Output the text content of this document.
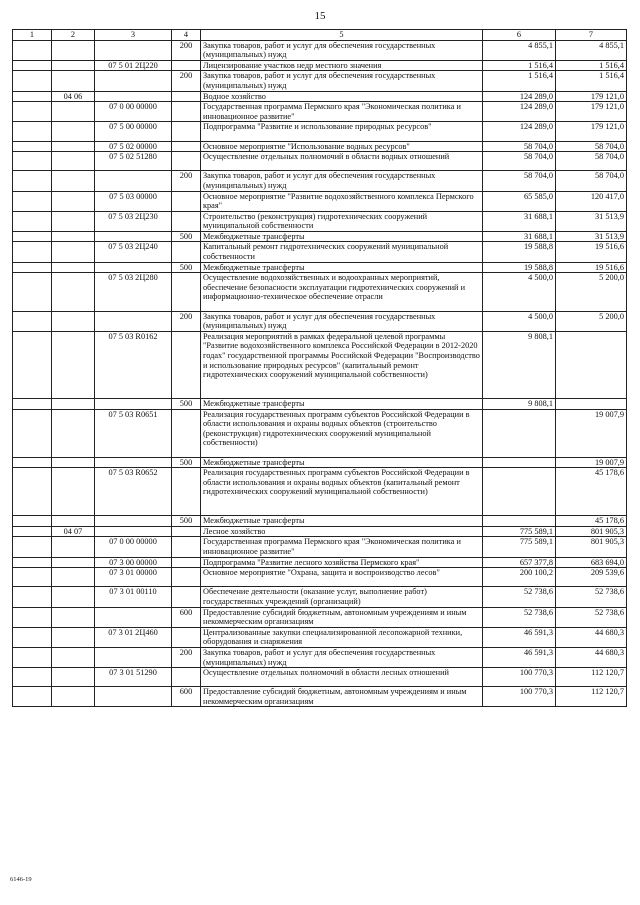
15
1	2	3	4	5	6	7
			200	Закупка товаров, работ и услуг для обеспечения государственных (муниципальных) нужд	4 855,1	4 855,1
		07 5 01 2Ц220		Лицензирование участков недр местного значения	1 516,4	1 516,4
			200	Закупка товаров, работ и услуг для обеспечения государственных (муниципальных) нужд	1 516,4	1 516,4
	04 06			Водное хозяйство	124 289,0	179 121,0
		07 0 00 00000		Государственная программа Пермского края "Экономическая политика и инновационное развитие"	124 289,0	179 121,0
		07 5 00 00000		Подпрограмма "Развитие и использование природных ресурсов"	124 289,0	179 121,0
		07 5 02 00000		Основное мероприятие "Использование водных ресурсов"	58 704,0	58 704,0
		07 5 02 51280		Осуществление отдельных полномочий в области водных отношений	58 704,0	58 704,0
			200	Закупка товаров, работ и услуг для обеспечения государственных (муниципальных) нужд	58 704,0	58 704,0
		07 5 03 00000		Основное мероприятие "Развитие водохозяйственного комплекса Пермского края"	65 585,0	120 417,0
		07 5 03 2Ц230		Строительство (реконструкция) гидротехнических сооружений муниципальной собственности	31 688,1	31 513,9
			500	Межбюджетные трансферты	31 688,1	31 513,9
		07 5 03 2Ц240		Капитальный ремонт гидротехнических сооружений муниципальной собственности	19 588,8	19 516,6
			500	Межбюджетные трансферты	19 588,8	19 516,6
		07 5 03 2Ц280		Осуществление водохозяйственных и водоохранных мероприятий, обеспечение безопасности эксплуатации гидротехнических сооружений и информационно-техническое обеспечение отрасли	4 500,0	5 200,0
			200	Закупка товаров, работ и услуг для обеспечения государственных (муниципальных) нужд	4 500,0	5 200,0
		07 5 03 R0162		Реализация мероприятий в рамках федеральной целевой программы "Развитие водохозяйственного комплекса Российской Федерации в 2012-2020 годах" государственной программы Российской Федерации "Воспроизводство и использование природных ресурсов" (капитальный ремонт гидротехнических сооружений муниципальной собственности)	9 808,1	
			500	Межбюджетные трансферты	9 808,1	
		07 5 03 R0651		Реализация государственных программ субъектов Российской Федерации в области использования и охраны водных объектов (строительство (реконструкция) гидротехнических сооружений муниципальной собственности)		19 007,9
			500	Межбюджетные трансферты		19 007,9
		07 5 03 R0652		Реализация государственных программ субъектов Российской Федерации в области использования и охраны водных объектов (капитальный ремонт гидротехнических сооружений муниципальной собственности)		45 178,6
			500	Межбюджетные трансферты		45 178,6
	04 07			Лесное хозяйство	775 589,1	801 905,3
		07 0 00 00000		Государственная программа Пермского края "Экономическая политика и инновационное развитие"	775 589,1	801 905,3
		07 3 00 00000		Подпрограмма "Развитие лесного хозяйства Пермского края"	657 377,8	683 694,0
		07 3 01 00000		Основное мероприятие "Охрана, защита и воспроизводство лесов"	200 100,2	209 539,6
		07 3 01 00110		Обеспечение деятельности (оказание услуг, выполнение работ) государственных учреждений (организаций)	52 738,6	52 738,6
			600	Предоставление субсидий бюджетным, автономным учреждениям и иным некоммерческим организациям	52 738,6	52 738,6
		07 3 01 2Ц460		Централизованные закупки специализированной лесопожарной техники, оборудования и снаряжения	46 591,3	44 680,3
			200	Закупка товаров, работ и услуг для обеспечения государственных (муниципальных) нужд	46 591,3	44 680,3
		07 3 01 51290		Осуществление отдельных полномочий в области лесных отношений	100 770,3	112 120,7
			600	Предоставление субсидий бюджетным, автономным учреждениям и иным некоммерческим организациям	100 770,3	112 120,7
6146-19
